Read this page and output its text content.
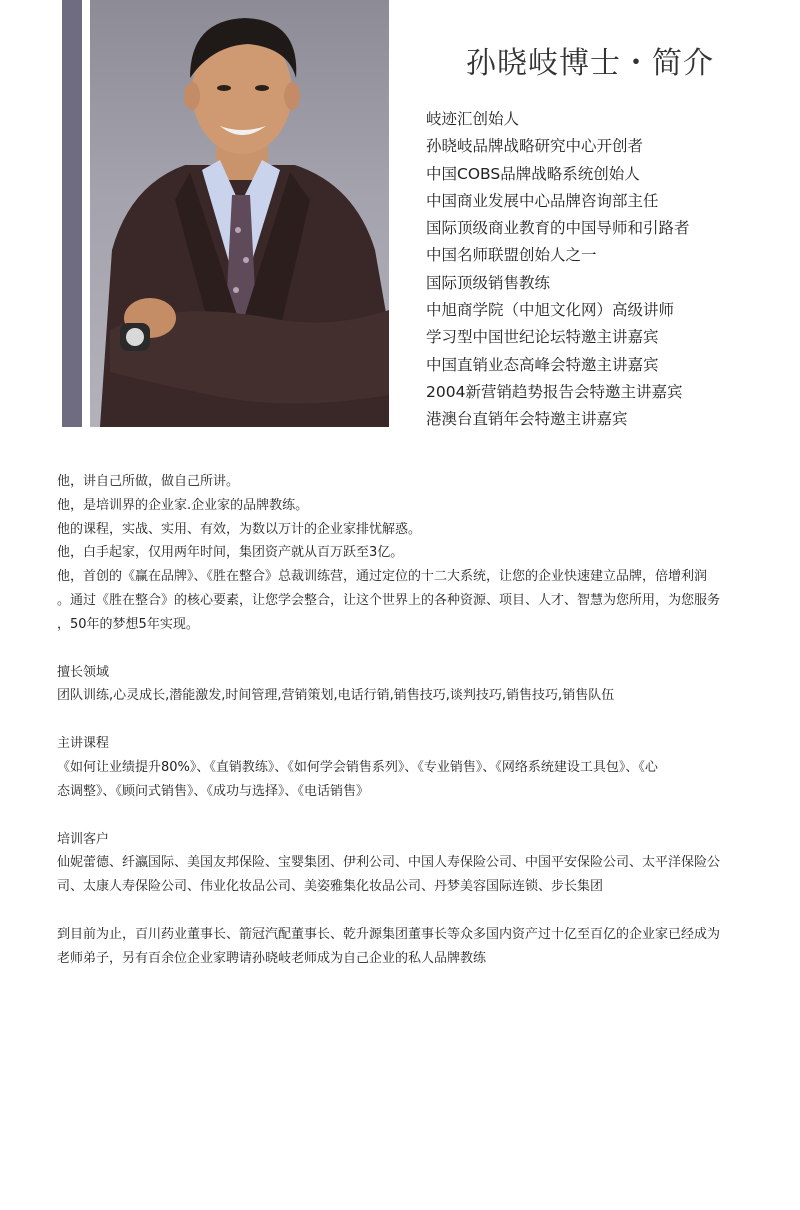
孙晓岐博士・简介
岐迹汇创始人
孙晓岐品牌战略研究中心开创者
中国COBS品牌战略系统创始人
中国商业发展中心品牌咨询部主任
国际顶级商业教育的中国导师和引路者
中国名师联盟创始人之一
国际顶级销售教练
中旭商学院（中旭文化网）高级讲师
学习型中国世纪论坛特邀主讲嘉宾
中国直销业态高峰会特邀主讲嘉宾
2004新营销趋势报告会特邀主讲嘉宾
港澳台直销年会特邀主讲嘉宾

他，讲自己所做，做自己所讲。

他，是培训界的企业家.企业家的品牌教练。

他的课程，实战、实用、有效，为数以万计的企业家排忧解惑。

他，白手起家，仅用两年时间，集团资产就从百万跃至3亿。

他，首创的《赢在品牌》、《胜在整合》总裁训练营，通过定位的十二大系统，让您的企业快速建立品牌，倍增利润

。通过《胜在整合》的核心要素，让您学会整合，让这个世界上的各种资源、项目、人才、智慧为您所用，为您服务

，50年的梦想5年实现。

擅长领域

团队训练,心灵成长,潜能激发,时间管理,营销策划,电话行销,销售技巧,谈判技巧,销售技巧,销售队伍

主讲课程

《如何让业绩提升80%》、《直销教练》、《如何学会销售系列》、《专业销售》、《网络系统建设工具包》、《心

态调整》、《顾问式销售》、《成功与选择》、《电话销售》

培训客户

仙妮蕾德、纤瀛国际、美国友邦保险、宝婴集团、伊利公司、中国人寿保险公司、中国平安保险公司、太平洋保险公

司、太康人寿保险公司、伟业化妆品公司、美姿雅集化妆品公司、丹梦美容国际连锁、步长集团

到目前为止，百川药业董事长、箭冠汽配董事长、乾升源集团董事长等众多国内资产过十亿至百亿的企业家已经成为

老师弟子，另有百余位企业家聘请孙晓岐老师成为自己企业的私人品牌教练
